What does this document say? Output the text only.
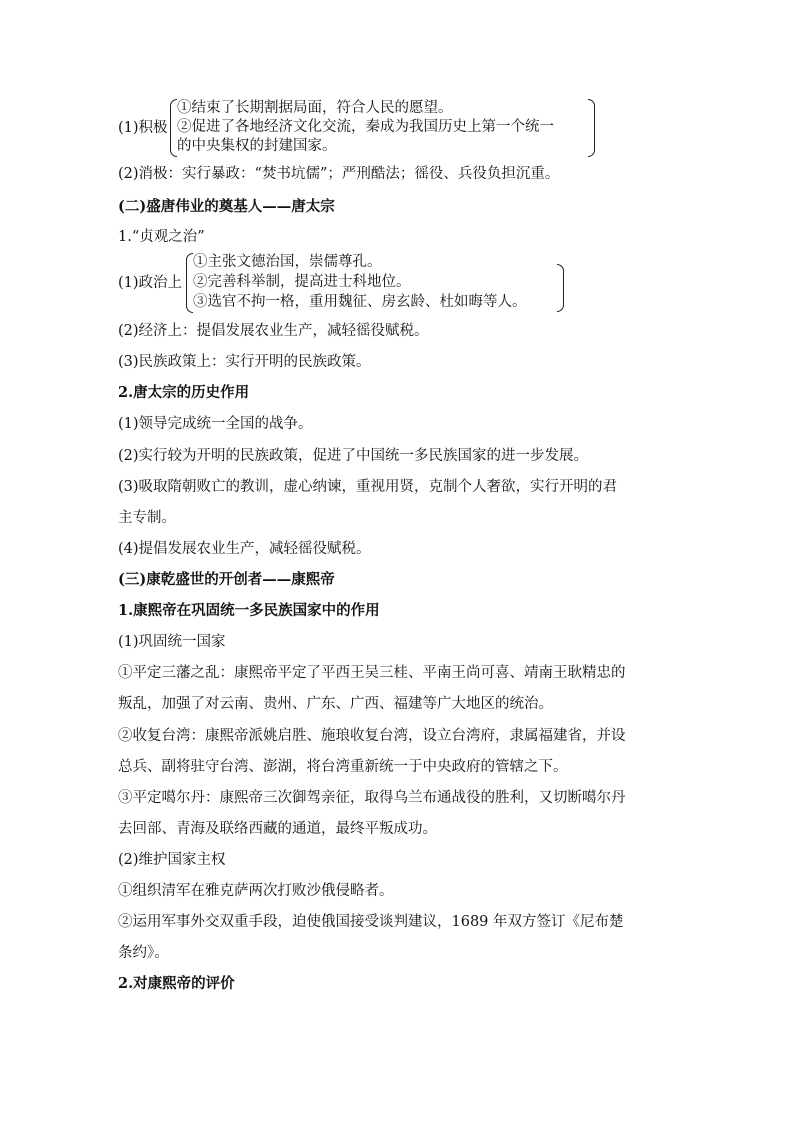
(1)积极
①结束了长期割据局面，符合人民的愿望。
②促进了各地经济文化交流，秦成为我国历史上第一个统一
的中央集权的封建国家。
(2)消极：实行暴政：“焚书坑儒”；严刑酷法；徭役、兵役负担沉重。
(二)盛唐伟业的奠基人——唐太宗
1.“贞观之治”
(1)政治上
①主张文德治国，崇儒尊孔。
②完善科举制，提高进士科地位。
③选官不拘一格，重用魏征、房玄龄、杜如晦等人。
(2)经济上：提倡发展农业生产，减轻徭役赋税。
(3)民族政策上：实行开明的民族政策。
2.唐太宗的历史作用
(1)领导完成统一全国的战争。
(2)实行较为开明的民族政策，促进了中国统一多民族国家的进一步发展。
(3)吸取隋朝败亡的教训，虚心纳谏，重视用贤，克制个人奢欲，实行开明的君
主专制。
(4)提倡发展农业生产，减轻徭役赋税。
(三)康乾盛世的开创者——康熙帝
1.康熙帝在巩固统一多民族国家中的作用
(1)巩固统一国家
①平定三藩之乱：康熙帝平定了平西王吴三桂、平南王尚可喜、靖南王耿精忠的
叛乱，加强了对云南、贵州、广东、广西、福建等广大地区的统治。
②收复台湾：康熙帝派姚启胜、施琅收复台湾，设立台湾府，隶属福建省，并设
总兵、副将驻守台湾、澎湖，将台湾重新统一于中央政府的管辖之下。
③平定噶尔丹：康熙帝三次御驾亲征，取得乌兰布通战役的胜利，又切断噶尔丹
去回部、青海及联络西藏的通道，最终平叛成功。
(2)维护国家主权
①组织清军在雅克萨两次打败沙俄侵略者。
②运用军事外交双重手段，迫使俄国接受谈判建议，1689 年双方签订《尼布楚
条约》。
2.对康熙帝的评价
